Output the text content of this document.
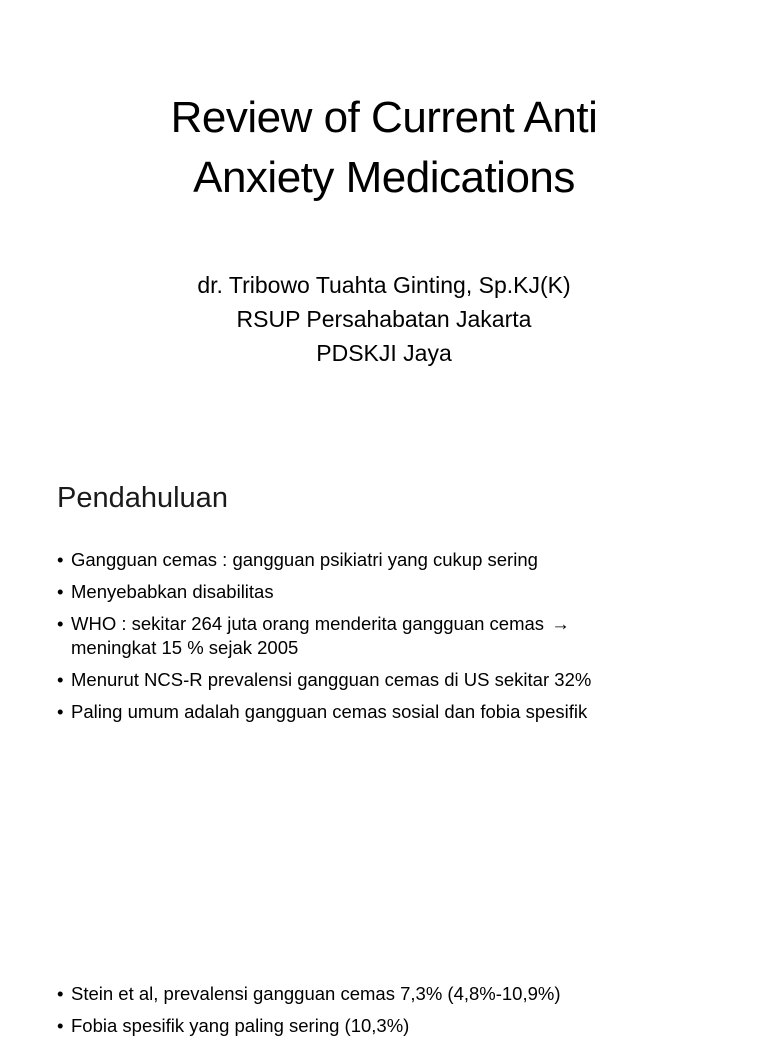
Review of Current Anti
Anxiety Medications
dr. Tribowo Tuahta Ginting, Sp.KJ(K)
RSUP Persahabatan Jakarta
PDSKJI Jaya
Pendahuluan
• Gangguan cemas : gangguan psikiatri yang cukup sering
• Menyebabkan disabilitas
• WHO : sekitar 264 juta orang menderita gangguan cemas →
meningkat 15 % sejak 2005
• Menurut NCS-R prevalensi gangguan cemas di US sekitar 32%
• Paling umum adalah gangguan cemas sosial dan fobia spesifik
• Stein et al, prevalensi gangguan cemas 7,3% (4,8%-10,9%)
• Fobia spesifik yang paling sering (10,3%)
